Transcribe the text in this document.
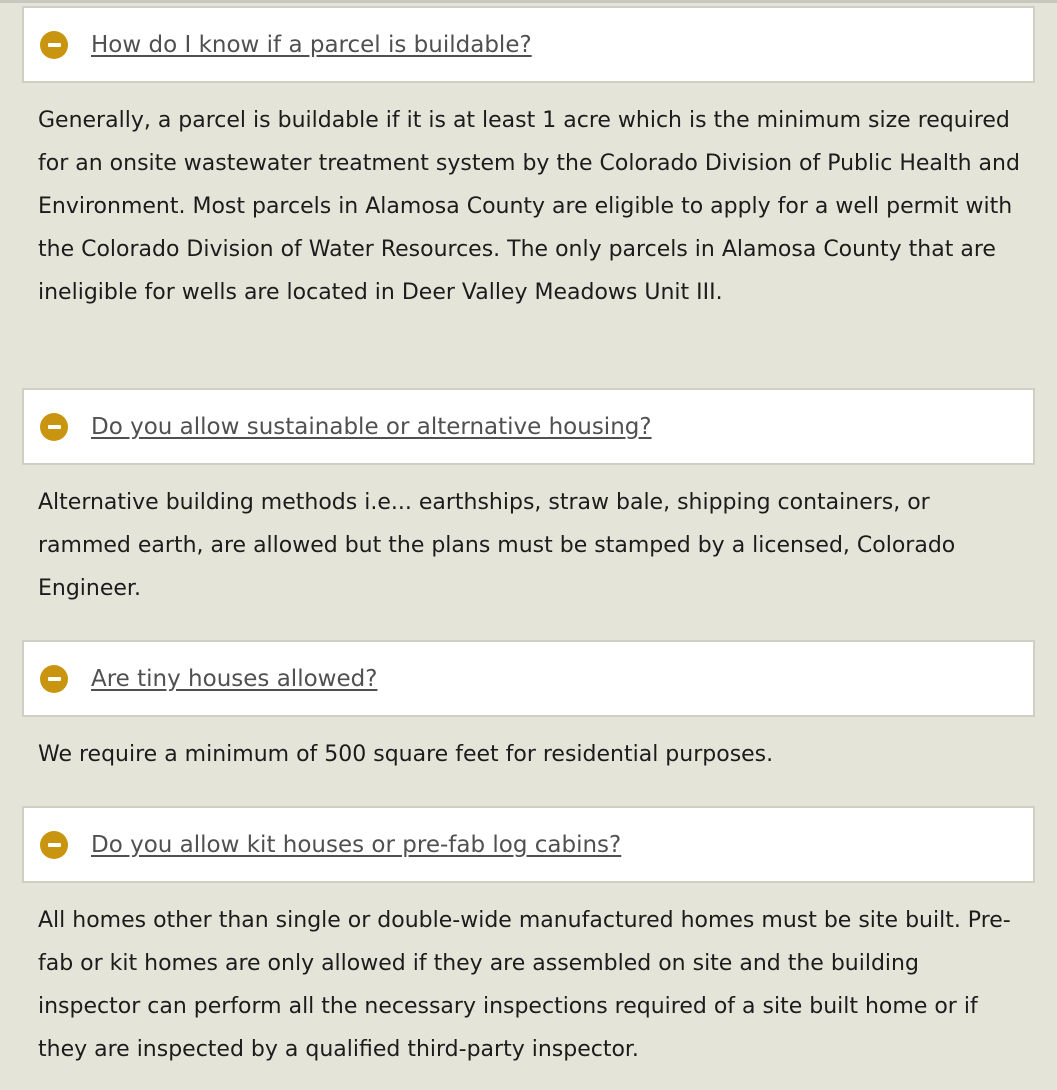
How do I know if a parcel is buildable?

Generally, a parcel is buildable if it is at least 1 acre which is the minimum size required for an onsite wastewater treatment system by the Colorado Division of Public Health and Environment. Most parcels in Alamosa County are eligible to apply for a well permit with the Colorado Division of Water Resources. The only parcels in Alamosa County that are ineligible for wells are located in Deer Valley Meadows Unit III.

Do you allow sustainable or alternative housing?

Alternative building methods i.e... earthships, straw bale, shipping containers, or rammed earth, are allowed but the plans must be stamped by a licensed, Colorado Engineer.

Are tiny houses allowed?

We require a minimum of 500 square feet for residential purposes.

Do you allow kit houses or pre-fab log cabins?

All homes other than single or double-wide manufactured homes must be site built. Pre-fab or kit homes are only allowed if they are assembled on site and the building inspector can perform all the necessary inspections required of a site built home or if they are inspected by a qualified third-party inspector.
